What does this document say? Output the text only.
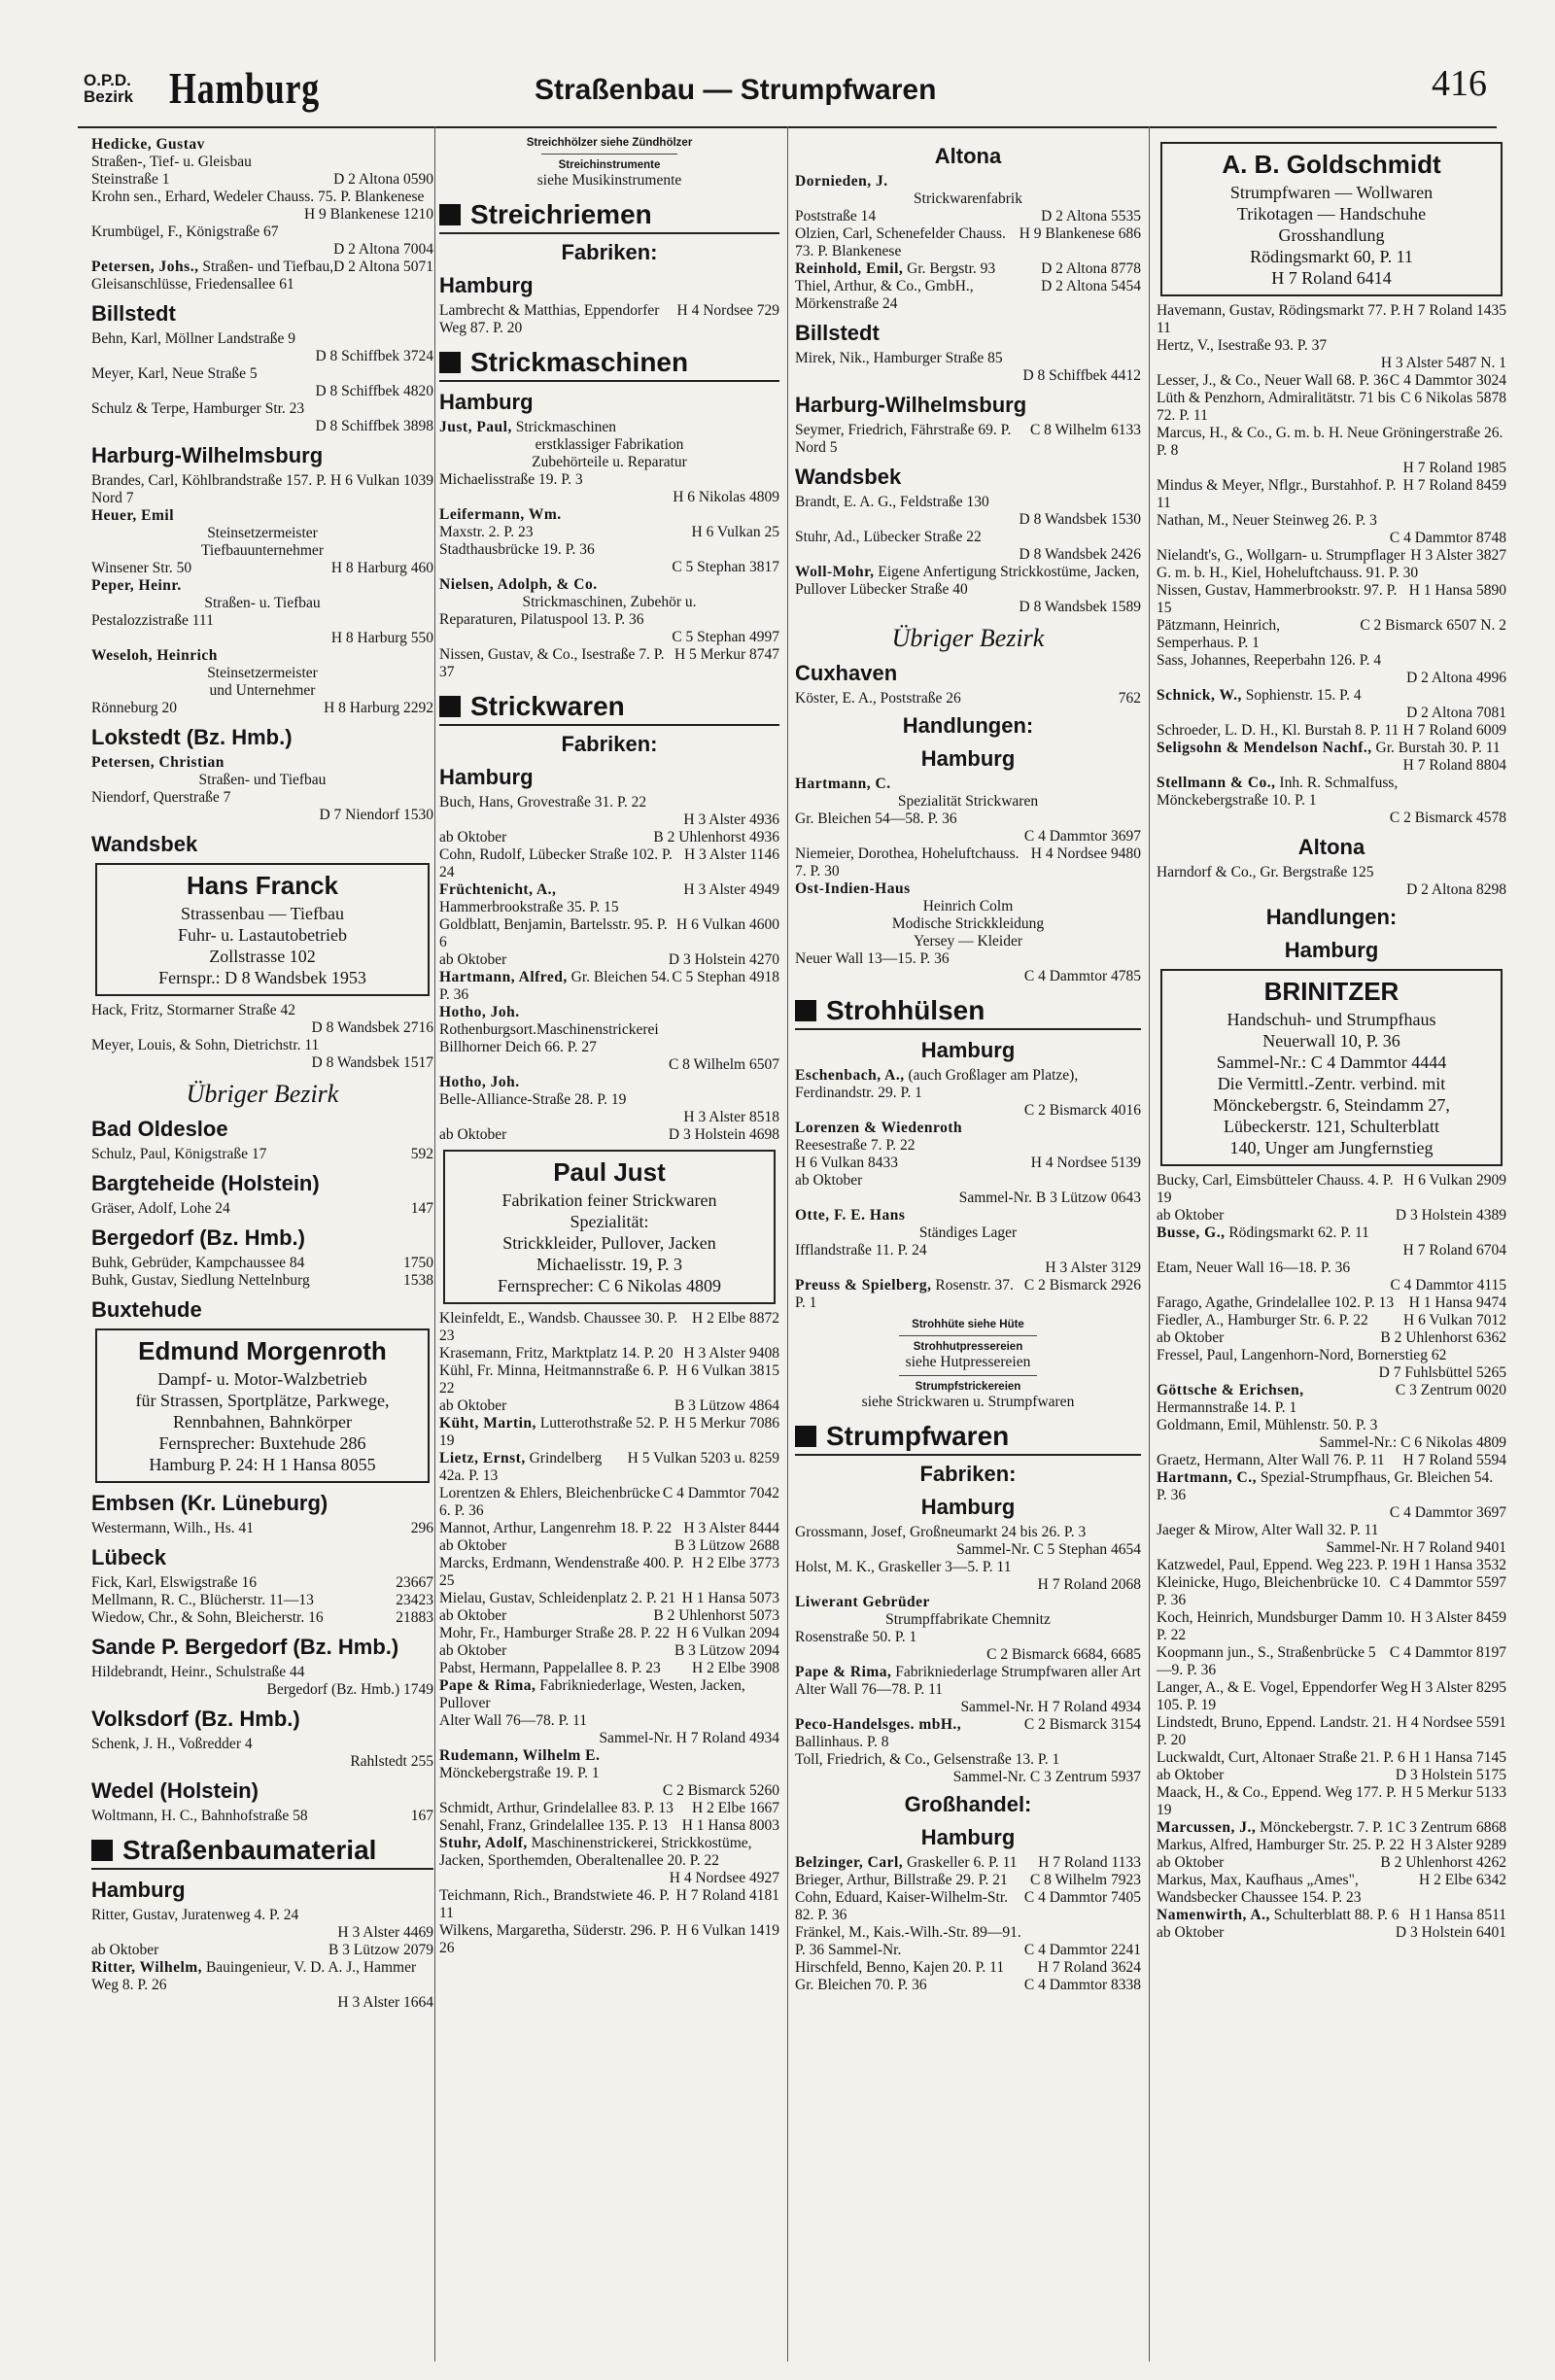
O.P.D.
Bezirk Hamburg	Straßenbau — Strumpfwaren	416

Hedicke, Gustav

Straßen-, Tief- u. Gleisbau

D 2 Altona 0590
Steinstraße 1

Krohn sen., Erhard, Wedeler Chauss. 75. P. Blankenese

H 9 Blankenese 1210

Krumbügel, F., Königstraße 67

D 2 Altona 7004

D 2 Altona 5071
Petersen, Johs., Straßen- und Tiefbau, Gleisanschlüsse, Friedensallee 61

Billstedt

Behn, Karl, Möllner Landstraße 9

D 8 Schiffbek 3724

Meyer, Karl, Neue Straße 5

D 8 Schiffbek 4820

Schulz & Terpe, Hamburger Str. 23

D 8 Schiffbek 3898

Harburg-Wilhelmsburg

H 6 Vulkan 1039
Brandes, Carl, Köhlbrandstraße 157. P. Nord 7

Heuer, Emil

Steinsetzermeister

Tiefbauunternehmer

H 8 Harburg 460
Winsener Str. 50

Peper, Heinr.

Straßen- u. Tiefbau

Pestalozzistraße 111

H 8 Harburg 550

Weseloh, Heinrich

Steinsetzermeister

und Unternehmer

H 8 Harburg 2292
Rönneburg 20

Lokstedt (Bz. Hmb.)

Petersen, Christian

Straßen- und Tiefbau

Niendorf, Querstraße 7

D 7 Niendorf 1530

Wandsbek
Hans Franck
Strassenbau — Tiefbau
Fuhr- u. Lastautobetrieb
Zollstrasse 102
Fernspr.: D 8 Wandsbek 1953

Hack, Fritz, Stormarner Straße 42

D 8 Wandsbek 2716

Meyer, Louis, & Sohn, Dietrichstr. 11

D 8 Wandsbek 1517

Übriger Bezirk
Bad Oldesloe

592
Schulz, Paul, Königstraße 17

Bargteheide (Holstein)

147
Gräser, Adolf, Lohe 24

Bergedorf (Bz. Hmb.)

1750
Buhk, Gebrüder, Kampchaussee 84

1538
Buhk, Gustav, Siedlung Nettelnburg

Buxtehude
Edmund Morgenroth
Dampf- u. Motor-Walzbetrieb
für Strassen, Sportplätze, Parkwege, Rennbahnen, Bahnkörper
Fernsprecher: Buxtehude 286
Hamburg P. 24: H 1 Hansa 8055
Embsen (Kr. Lüneburg)

296
Westermann, Wilh., Hs. 41

Lübeck

23667
Fick, Karl, Elswigstraße 16

23423
Mellmann, R. C., Blücherstr. 11—13

21883
Wiedow, Chr., & Sohn, Bleicherstr. 16

Sande P. Bergedorf (Bz. Hmb.)

Hildebrandt, Heinr., Schulstraße 44

Bergedorf (Bz. Hmb.) 1749

Volksdorf (Bz. Hmb.)

Schenk, J. H., Voßredder 4

Rahlstedt 255

Wedel (Holstein)

167
Woltmann, H. C., Bahnhofstraße 58

Straßenbaumaterial
Hamburg

Ritter, Gustav, Juratenweg 4. P. 24

H 3 Alster 4469

B 3 Lützow 2079
ab Oktober

Ritter, Wilhelm, Bauingenieur, V. D. A. J., Hammer Weg 8. P. 26

H 3 Alster 1664

Streichhölzer siehe Zündhölzer
Streichinstrumente

siehe Musikinstrumente

Streichriemen
Fabriken:
Hamburg

H 4 Nordsee 729
Lambrecht & Matthias, Eppendorfer Weg 87. P. 20

Strickmaschinen
Hamburg

Just, Paul, Strickmaschinen

erstklassiger Fabrikation

Zubehörteile u. Reparatur

Michaelisstraße 19. P. 3

H 6 Nikolas 4809

Leifermann, Wm.

H 6 Vulkan 25
Maxstr. 2. P. 23

Stadthausbrücke 19. P. 36

C 5 Stephan 3817

Nielsen, Adolph, & Co.

Strickmaschinen, Zubehör u.

Reparaturen, Pilatuspool 13. P. 36

C 5 Stephan 4997

H 5 Merkur 8747
Nissen, Gustav, & Co., Isestraße 7. P. 37

Strickwaren
Fabriken:
Hamburg

Buch, Hans, Grovestraße 31. P. 22

H 3 Alster 4936

B 2 Uhlenhorst 4936
ab Oktober

H 3 Alster 1146
Cohn, Rudolf, Lübecker Straße 102. P. 24

H 3 Alster 4949
Früchtenicht, A., Hammerbrookstraße 35. P. 15

H 6 Vulkan 4600
Goldblatt, Benjamin, Bartelsstr. 95. P. 6

D 3 Holstein 4270
ab Oktober

C 5 Stephan 4918
Hartmann, Alfred, Gr. Bleichen 54. P. 36

Hotho, Joh.

Rothenburgsort.Maschinenstrickerei

Billhorner Deich 66. P. 27

C 8 Wilhelm 6507

Hotho, Joh.

Belle-Alliance-Straße 28. P. 19

H 3 Alster 8518

D 3 Holstein 4698
ab Oktober

Paul Just
Fabrikation feiner Strickwaren
Spezialität:
Strickkleider, Pullover, Jacken
Michaelisstr. 19, P. 3
Fernsprecher: C 6 Nikolas 4809

H 2 Elbe 8872
Kleinfeldt, E., Wandsb. Chaussee 30. P. 23

H 3 Alster 9408
Krasemann, Fritz, Marktplatz 14. P. 20

H 6 Vulkan 3815
Kühl, Fr. Minna, Heitmannstraße 6. P. 22

B 3 Lützow 4864
ab Oktober

H 5 Merkur 7086
Küht, Martin, Lutterothstraße 52. P. 19

H 5 Vulkan 5203 u. 8259
Lietz, Ernst, Grindelberg 42a. P. 13

C 4 Dammtor 7042
Lorentzen & Ehlers, Bleichenbrücke 6. P. 36

H 3 Alster 8444
Mannot, Arthur, Langenrehm 18. P. 22

B 3 Lützow 2688
ab Oktober

H 2 Elbe 3773
Marcks, Erdmann, Wendenstraße 400. P. 25

H 1 Hansa 5073
Mielau, Gustav, Schleidenplatz 2. P. 21

B 2 Uhlenhorst 5073
ab Oktober

H 6 Vulkan 2094
Mohr, Fr., Hamburger Straße 28. P. 22

B 3 Lützow 2094
ab Oktober

H 2 Elbe 3908
Pabst, Hermann, Pappelallee 8. P. 23

Pape & Rima, Fabrikniederlage, Westen, Jacken, Pullover

Alter Wall 76—78. P. 11

Sammel-Nr. H 7 Roland 4934

Rudemann, Wilhelm E.

Mönckebergstraße 19. P. 1

C 2 Bismarck 5260

H 2 Elbe 1667
Schmidt, Arthur, Grindelallee 83. P. 13

H 1 Hansa 8003
Senahl, Franz, Grindelallee 135. P. 13

Stuhr, Adolf, Maschinenstrickerei, Strickkostüme, Jacken, Sporthemden, Oberaltenallee 20. P. 22

H 4 Nordsee 4927

H 7 Roland 4181
Teichmann, Rich., Brandstwiete 46. P. 11

H 6 Vulkan 1419
Wilkens, Margaretha, Süderstr. 296. P. 26

Altona

Dornieden, J.

Strickwarenfabrik

D 2 Altona 5535
Poststraße 14

H 9 Blankenese 686
Olzien, Carl, Schenefelder Chauss. 73. P. Blankenese

D 2 Altona 8778
Reinhold, Emil, Gr. Bergstr. 93

D 2 Altona 5454
Thiel, Arthur, & Co., GmbH., Mörkenstraße 24

Billstedt

Mirek, Nik., Hamburger Straße 85

D 8 Schiffbek 4412

Harburg-Wilhelmsburg

C 8 Wilhelm 6133
Seymer, Friedrich, Fährstraße 69. P. Nord 5

Wandsbek

Brandt, E. A. G., Feldstraße 130

D 8 Wandsbek 1530

Stuhr, Ad., Lübecker Straße 22

D 8 Wandsbek 2426

Woll-Mohr, Eigene Anfertigung Strickkostüme, Jacken, Pullover Lübecker Straße 40

D 8 Wandsbek 1589

Übriger Bezirk
Cuxhaven

762
Köster, E. A., Poststraße 26

Handlungen:
Hamburg

Hartmann, C.

Spezialität Strickwaren

Gr. Bleichen 54—58. P. 36

C 4 Dammtor 3697

H 4 Nordsee 9480
Niemeier, Dorothea, Hoheluftchauss. 7. P. 30

Ost-Indien-Haus

Heinrich Colm

Modische Strickkleidung

Yersey — Kleider

Neuer Wall 13—15. P. 36

C 4 Dammtor 4785

Strohhülsen
Hamburg

Eschenbach, A., (auch Großlager am Platze), Ferdinandstr. 29. P. 1

C 2 Bismarck 4016

Lorenzen & Wiedenroth

Reesestraße 7. P. 22

H 4 Nordsee 5139
H 6 Vulkan 8433

ab Oktober

Sammel-Nr. B 3 Lützow 0643

Otte, F. E. Hans

Ständiges Lager

Ifflandstraße 11. P. 24

H 3 Alster 3129

C 2 Bismarck 2926
Preuss & Spielberg, Rosenstr. 37. P. 1

Strohhüte siehe Hüte
Strohhutpressereien

siehe Hutpressereien

Strumpfstrickereien

siehe Strickwaren u. Strumpfwaren

Strumpfwaren
Fabriken:
Hamburg

Grossmann, Josef, Großneumarkt 24 bis 26. P. 3

Sammel-Nr. C 5 Stephan 4654

Holst, M. K., Graskeller 3—5. P. 11

H 7 Roland 2068

Liwerant Gebrüder

Strumpffabrikate Chemnitz

Rosenstraße 50. P. 1

C 2 Bismarck 6684, 6685

Pape & Rima, Fabrikniederlage Strumpfwaren aller Art

Alter Wall 76—78. P. 11

Sammel-Nr. H 7 Roland 4934

C 2 Bismarck 3154
Peco-Handelsges. mbH., Ballinhaus. P. 8

Toll, Friedrich, & Co., Gelsenstraße 13. P. 1

Sammel-Nr. C 3 Zentrum 5937

Großhandel:
Hamburg

H 7 Roland 1133
Belzinger, Carl, Graskeller 6. P. 11

C 8 Wilhelm 7923
Brieger, Arthur, Billstraße 29. P. 21

C 4 Dammtor 7405
Cohn, Eduard, Kaiser-Wilhelm-Str. 82. P. 36

Fränkel, M., Kais.-Wilh.-Str. 89—91.

C 4 Dammtor 2241
P. 36 Sammel-Nr.

H 7 Roland 3624
Hirschfeld, Benno, Kajen 20. P. 11

C 4 Dammtor 8338
Gr. Bleichen 70. P. 36

A. B. Goldschmidt
Strumpfwaren — Wollwaren
Trikotagen — Handschuhe
Grosshandlung
Rödingsmarkt 60, P. 11
H 7 Roland 6414

H 7 Roland 1435
Havemann, Gustav, Rödingsmarkt 77. P. 11

Hertz, V., Isestraße 93. P. 37

H 3 Alster 5487 N. 1

C 4 Dammtor 3024
Lesser, J., & Co., Neuer Wall 68. P. 36

C 6 Nikolas 5878
Lüth & Penzhorn, Admiralitätstr. 71 bis 72. P. 11

Marcus, H., & Co., G. m. b. H. Neue Gröningerstraße 26. P. 8

H 7 Roland 1985

H 7 Roland 8459
Mindus & Meyer, Nflgr., Burstahhof. P. 11

Nathan, M., Neuer Steinweg 26. P. 3

C 4 Dammtor 8748

H 3 Alster 3827
Nielandt's, G., Wollgarn- u. Strumpflager G. m. b. H., Kiel, Hoheluftchauss. 91. P. 30

H 1 Hansa 5890
Nissen, Gustav, Hammerbrookstr. 97. P. 15

C 2 Bismarck 6507 N. 2
Pätzmann, Heinrich, Semperhaus. P. 1

Sass, Johannes, Reeperbahn 126. P. 4

D 2 Altona 4996

Schnick, W., Sophienstr. 15. P. 4

D 2 Altona 7081

H 7 Roland 6009
Schroeder, L. D. H., Kl. Burstah 8. P. 11

Seligsohn & Mendelson Nachf., Gr. Burstah 30. P. 11

H 7 Roland 8804

Stellmann & Co., Inh. R. Schmalfuss, Mönckebergstraße 10. P. 1

C 2 Bismarck 4578

Altona

Harndorf & Co., Gr. Bergstraße 125

D 2 Altona 8298

Handlungen:
Hamburg
BRINITZER
Handschuh- und Strumpfhaus
Neuerwall 10, P. 36
Sammel-Nr.: C 4 Dammtor 4444
Die Vermittl.-Zentr. verbind. mit
Mönckebergstr. 6, Steindamm 27,
Lübeckerstr. 121, Schulterblatt
140, Unger am Jungfernstieg

H 6 Vulkan 2909
Bucky, Carl, Eimsbütteler Chauss. 4. P. 19

D 3 Holstein 4389
ab Oktober

Busse, G., Rödingsmarkt 62. P. 11

H 7 Roland 6704

Etam, Neuer Wall 16—18. P. 36

C 4 Dammtor 4115

H 1 Hansa 9474
Farago, Agathe, Grindelallee 102. P. 13

H 6 Vulkan 7012
Fiedler, A., Hamburger Str. 6. P. 22

B 2 Uhlenhorst 6362
ab Oktober

Fressel, Paul, Langenhorn-Nord, Bornerstieg 62

D 7 Fuhlsbüttel 5265

C 3 Zentrum 0020
Göttsche & Erichsen, Hermannstraße 14. P. 1

Goldmann, Emil, Mühlenstr. 50. P. 3

Sammel-Nr.: C 6 Nikolas 4809

H 7 Roland 5594
Graetz, Hermann, Alter Wall 76. P. 11

Hartmann, C., Spezial-Strumpfhaus, Gr. Bleichen 54. P. 36

C 4 Dammtor 3697

Jaeger & Mirow, Alter Wall 32. P. 11

Sammel-Nr. H 7 Roland 9401

H 1 Hansa 3532
Katzwedel, Paul, Eppend. Weg 223. P. 19

C 4 Dammtor 5597
Kleinicke, Hugo, Bleichenbrücke 10. P. 36

H 3 Alster 8459
Koch, Heinrich, Mundsburger Damm 10. P. 22

C 4 Dammtor 8197
Koopmann jun., S., Straßenbrücke 5—9. P. 36

H 3 Alster 8295
Langer, A., & E. Vogel, Eppendorfer Weg 105. P. 19

H 4 Nordsee 5591
Lindstedt, Bruno, Eppend. Landstr. 21. P. 20

H 1 Hansa 7145
Luckwaldt, Curt, Altonaer Straße 21. P. 6

D 3 Holstein 5175
ab Oktober

H 5 Merkur 5133
Maack, H., & Co., Eppend. Weg 177. P. 19

C 3 Zentrum 6868
Marcussen, J., Mönckebergstr. 7. P. 1

H 3 Alster 9289
Markus, Alfred, Hamburger Str. 25. P. 22

B 2 Uhlenhorst 4262
ab Oktober

H 2 Elbe 6342
Markus, Max, Kaufhaus „Ames", Wandsbecker Chaussee 154. P. 23

H 1 Hansa 8511
Namenwirth, A., Schulterblatt 88. P. 6

D 3 Holstein 6401
ab Oktober
